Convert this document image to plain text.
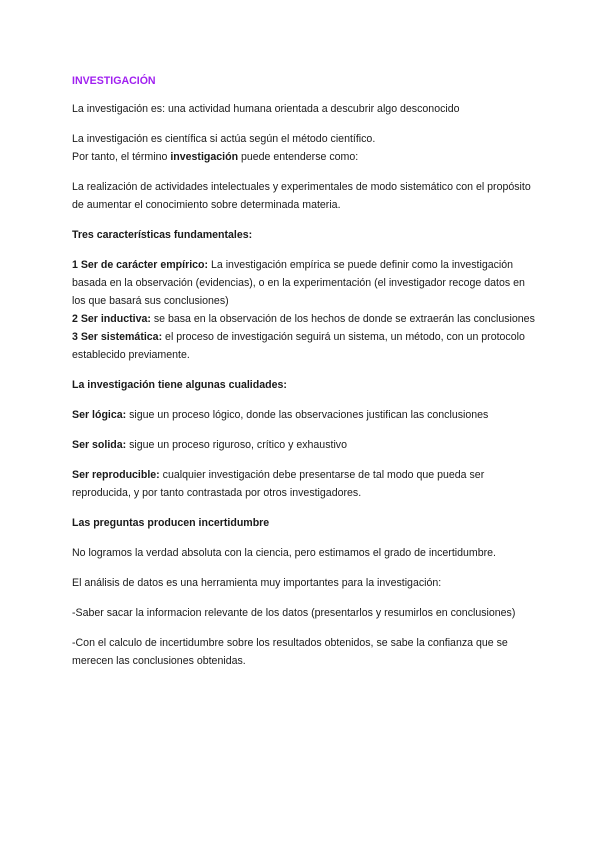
INVESTIGACIÓN

La investigación es: una actividad humana orientada a descubrir algo desconocido

La investigación es científica si actúa según el método científico.
Por tanto, el término investigación puede entenderse como:

La realización de actividades intelectuales y experimentales de modo sistemático con el propósito de aumentar el conocimiento sobre determinada materia.

Tres características fundamentales:

1 Ser de carácter empírico: La investigación empírica se puede definir como la investigación basada en la observación (evidencias), o en la experimentación (el investigador recoge datos en los que basará sus conclusiones)

2 Ser inductiva: se basa en la observación de los hechos de donde se extraerán las conclusiones

3 Ser sistemática: el proceso de investigación seguirá un sistema, un método, con un protocolo establecido previamente.

La investigación tiene algunas cualidades:

Ser lógica: sigue un proceso lógico, donde las observaciones justifican las conclusiones

Ser solida: sigue un proceso riguroso, crítico y exhaustivo

Ser reproducible: cualquier investigación debe presentarse de tal modo que pueda ser reproducida, y por tanto contrastada por otros investigadores.

Las preguntas producen incertidumbre

No logramos la verdad absoluta con la ciencia, pero estimamos el grado de incertidumbre.

El análisis de datos es una herramienta muy importantes para la investigación:

-Saber sacar la informacion relevante de los datos (presentarlos y resumirlos en conclusiones)

-Con el calculo de incertidumbre sobre los resultados obtenidos, se sabe la confianza que se merecen las conclusiones obtenidas.
